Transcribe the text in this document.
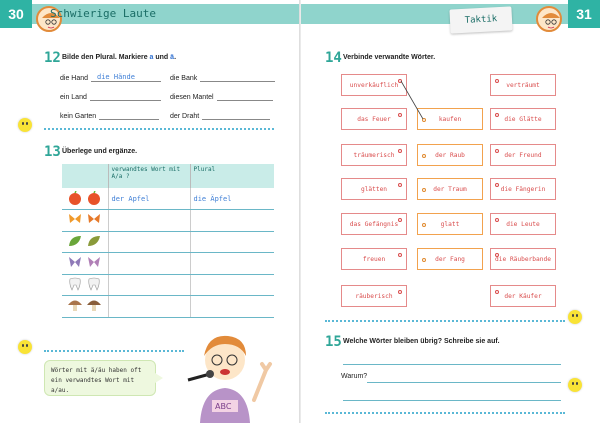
30	Schwierige Laute
12 Bilde den Plural. Markiere a und ä.
die Hand die Hände	die Bank
ein Land	diesen Mantel
kein Garten	der Draht
13 Überlege und ergänze.
	verwandtes Wort mit A/a ?	Plural

	der Apfel	die Äpfel

Wörter mit ä/äu haben oft ein verwandtes Wort mit a/au.
ABC
31
Taktik
14 Verbinde verwandte Wörter.
unverkäuflich
das Feuer
träumerisch
glätten
das Gefängnis
freuen
räuberisch
kaufen
der Raub
der Traum
glatt
der Fang
verträumt
die Glätte
der Freund
die Fängerin
die Leute
die Räuberbande
der Käufer
15 Welche Wörter bleiben übrig? Schreibe sie auf.
Warum?
